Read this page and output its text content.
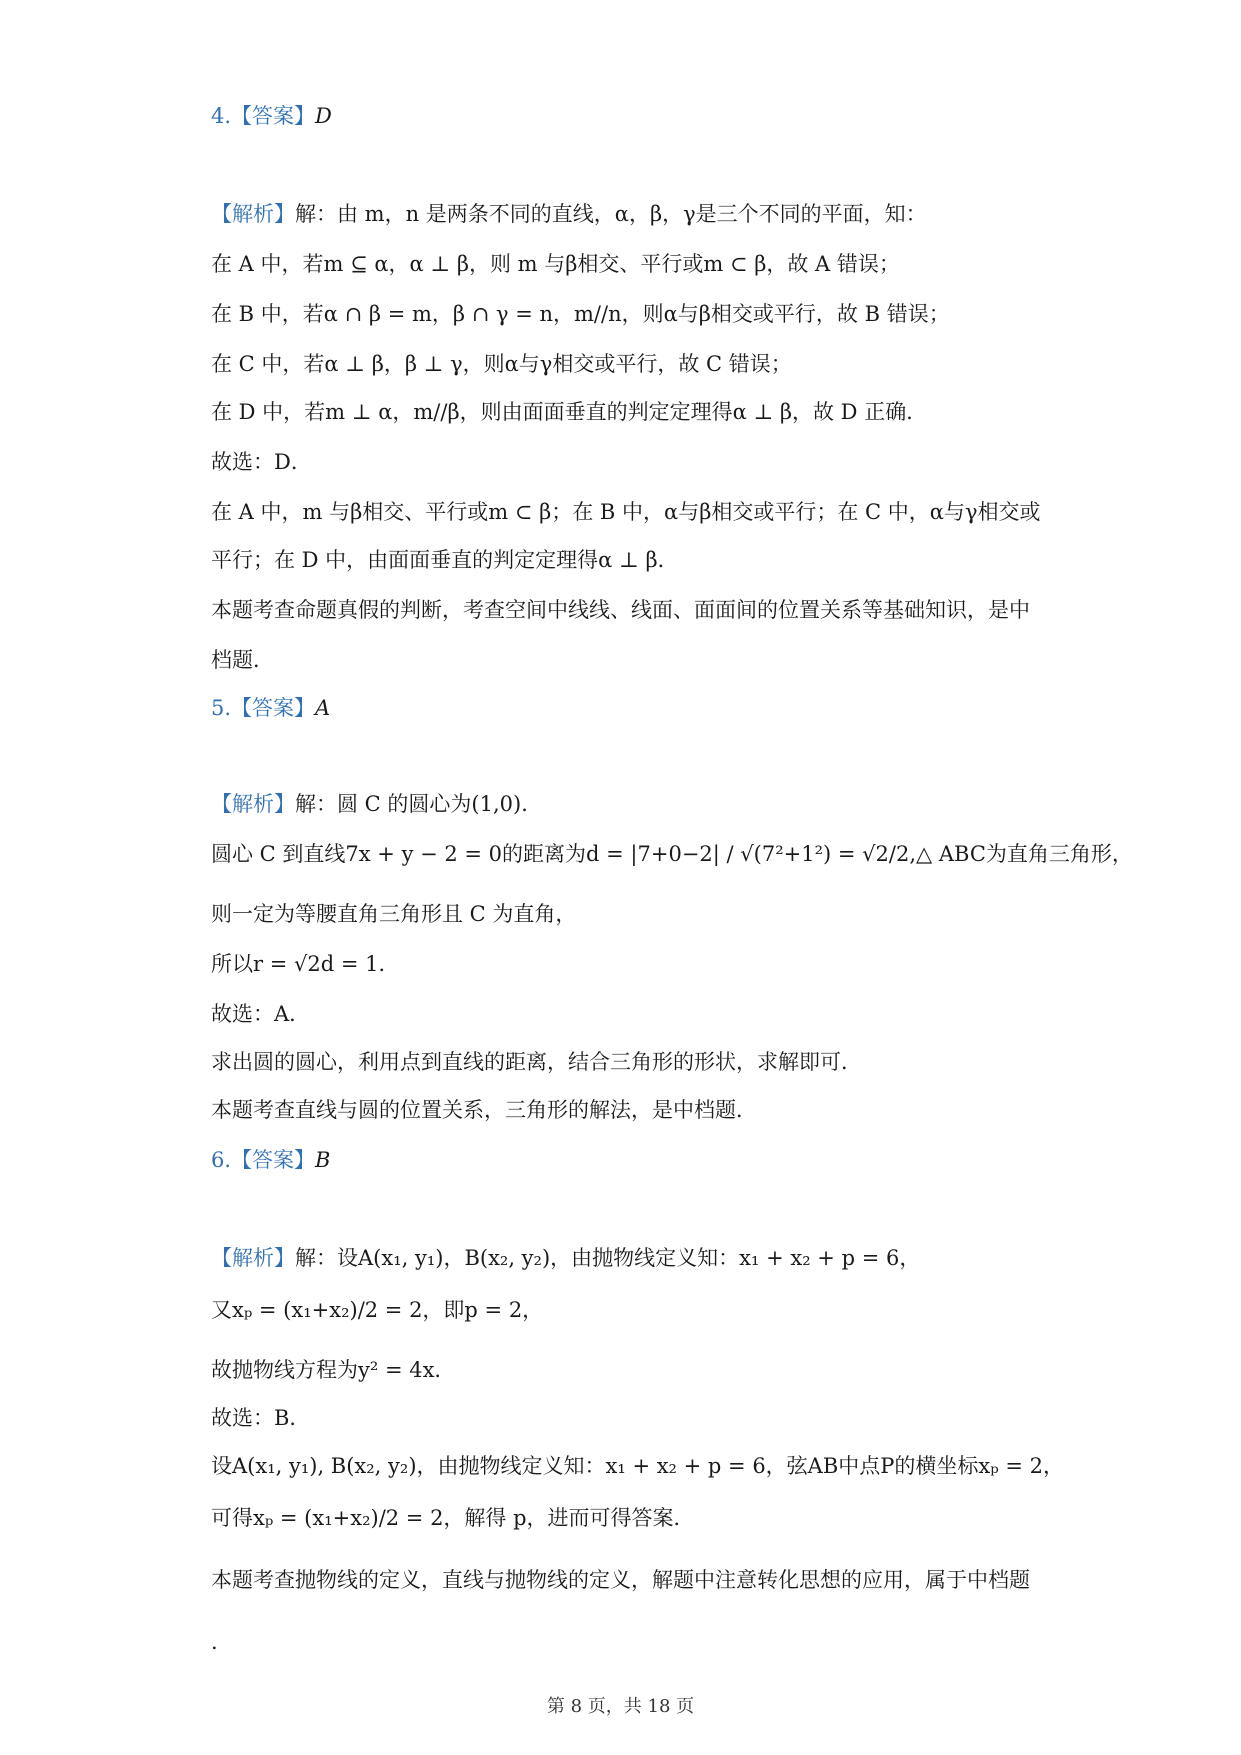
4.【答案】D
【解析】解：由 m，n 是两条不同的直线，α，β，γ是三个不同的平面，知：
在 A 中，若m ⊆ α，α ⊥ β，则 m 与β相交、平行或m ⊂ β，故 A 错误；
在 B 中，若α ∩ β = m，β ∩ γ = n，m//n，则α与β相交或平行，故 B 错误；
在 C 中，若α ⊥ β，β ⊥ γ，则α与γ相交或平行，故 C 错误；
在 D 中，若m ⊥ α，m//β，则由面面垂直的判定定理得α ⊥ β，故 D 正确．
故选：D．
在 A 中，m 与β相交、平行或m ⊂ β；在 B 中，α与β相交或平行；在 C 中，α与γ相交或
平行；在 D 中，由面面垂直的判定定理得α ⊥ β．
本题考查命题真假的判断，考查空间中线线、线面、面面间的位置关系等基础知识，是中
档题．
5.【答案】A
【解析】解：圆 C 的圆心为(1,0)．
圆心 C 到直线7x + y − 2 = 0的距离为d = |7+0−2| / √(7²+1²) = √2/2,△ ABC为直角三角形，
则一定为等腰直角三角形且 C 为直角，
所以r = √2d = 1．
故选：A．
求出圆的圆心，利用点到直线的距离，结合三角形的形状，求解即可．
本题考查直线与圆的位置关系，三角形的解法，是中档题．
6.【答案】B
【解析】解：设A(x₁, y₁)，B(x₂, y₂)，由抛物线定义知：x₁ + x₂ + p = 6，
又xₚ = (x₁+x₂)/2 = 2，即p = 2，
故抛物线方程为y² = 4x．
故选：B．
设A(x₁, y₁), B(x₂, y₂)，由抛物线定义知：x₁ + x₂ + p = 6，弦AB中点P的横坐标xₚ = 2，
可得xₚ = (x₁+x₂)/2 = 2，解得 p，进而可得答案．
本题考查抛物线的定义，直线与抛物线的定义，解题中注意转化思想的应用，属于中档题
.
第 8 页，共 18 页
